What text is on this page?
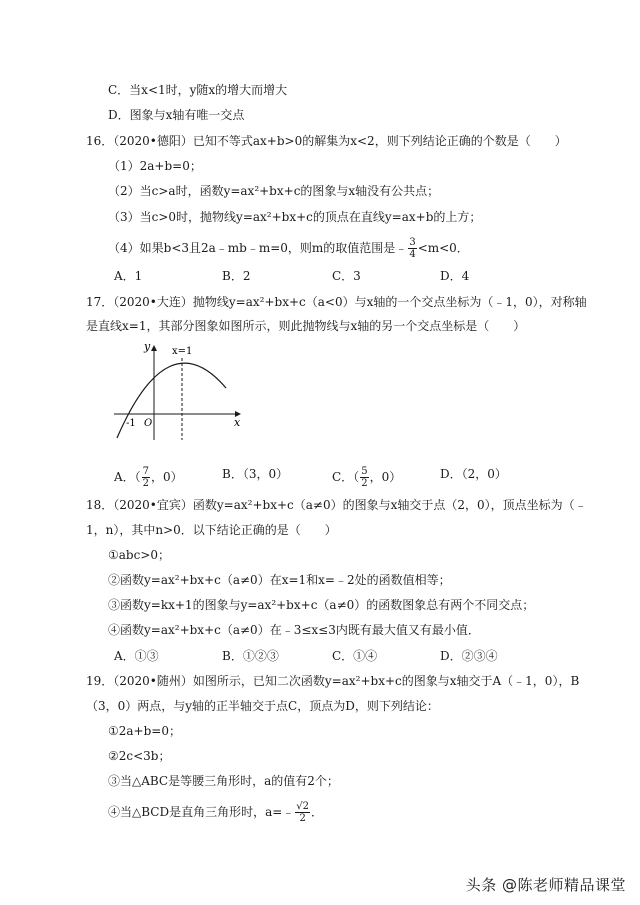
C．当x<1时，y随x的增大而增大
D．图象与x轴有唯一交点
16．（2020•德阳）已知不等式ax+b>0的解集为x<2，则下列结论正确的个数是（　　）
（1）2a+b=0；
（2）当c>a时，函数y=ax²+bx+c的图象与x轴没有公共点；
（3）当c>0时，抛物线y=ax²+bx+c的顶点在直线y=ax+b的上方；
（4）如果b<3且2a﹣mb﹣m=0，则m的取值范围是﹣ $\frac{3}{4} <m<0$．
A．1	B．2	C．3	D．4
17．（2020•大连）抛物线y=ax²+bx+c（a<0）与x轴的一个交点坐标为（﹣1，0），对称轴
是直线x=1，其部分图象如图所示，则此抛物线与x轴的另一个交点坐标是（　　）
y
x
x=1
-1 O
A．（ $\frac{7}{2}$ ，0）	B．（3，0）	C．（ $\frac{5}{2}$ ，0）	D．（2，0）
18．（2020•宜宾）函数y=ax²+bx+c（a≠0）的图象与x轴交于点（2，0），顶点坐标为（﹣
1，n），其中n>0．以下结论正确的是（　　）
①abc>0；
②函数y=ax²+bx+c（a≠0）在x=1和x=﹣2处的函数值相等；
③函数y=kx+1的图象与y=ax²+bx+c（a≠0）的函数图象总有两个不同交点；
④函数y=ax²+bx+c（a≠0）在﹣3≤x≤3内既有最大值又有最小值．
A．①③	B．①②③	C．①④	D．②③④
19．（2020•随州）如图所示，已知二次函数y=ax²+bx+c的图象与x轴交于A（﹣1，0），B
（3，0）两点，与y轴的正半轴交于点C，顶点为D，则下列结论：
①2a+b=0；
②2c<3b；
③当△ABC是等腰三角形时，a的值有2个；
④当△BCD是直角三角形时，a=﹣ $\frac{√2}{2}$ ．
头条 @陈老师精品课堂
